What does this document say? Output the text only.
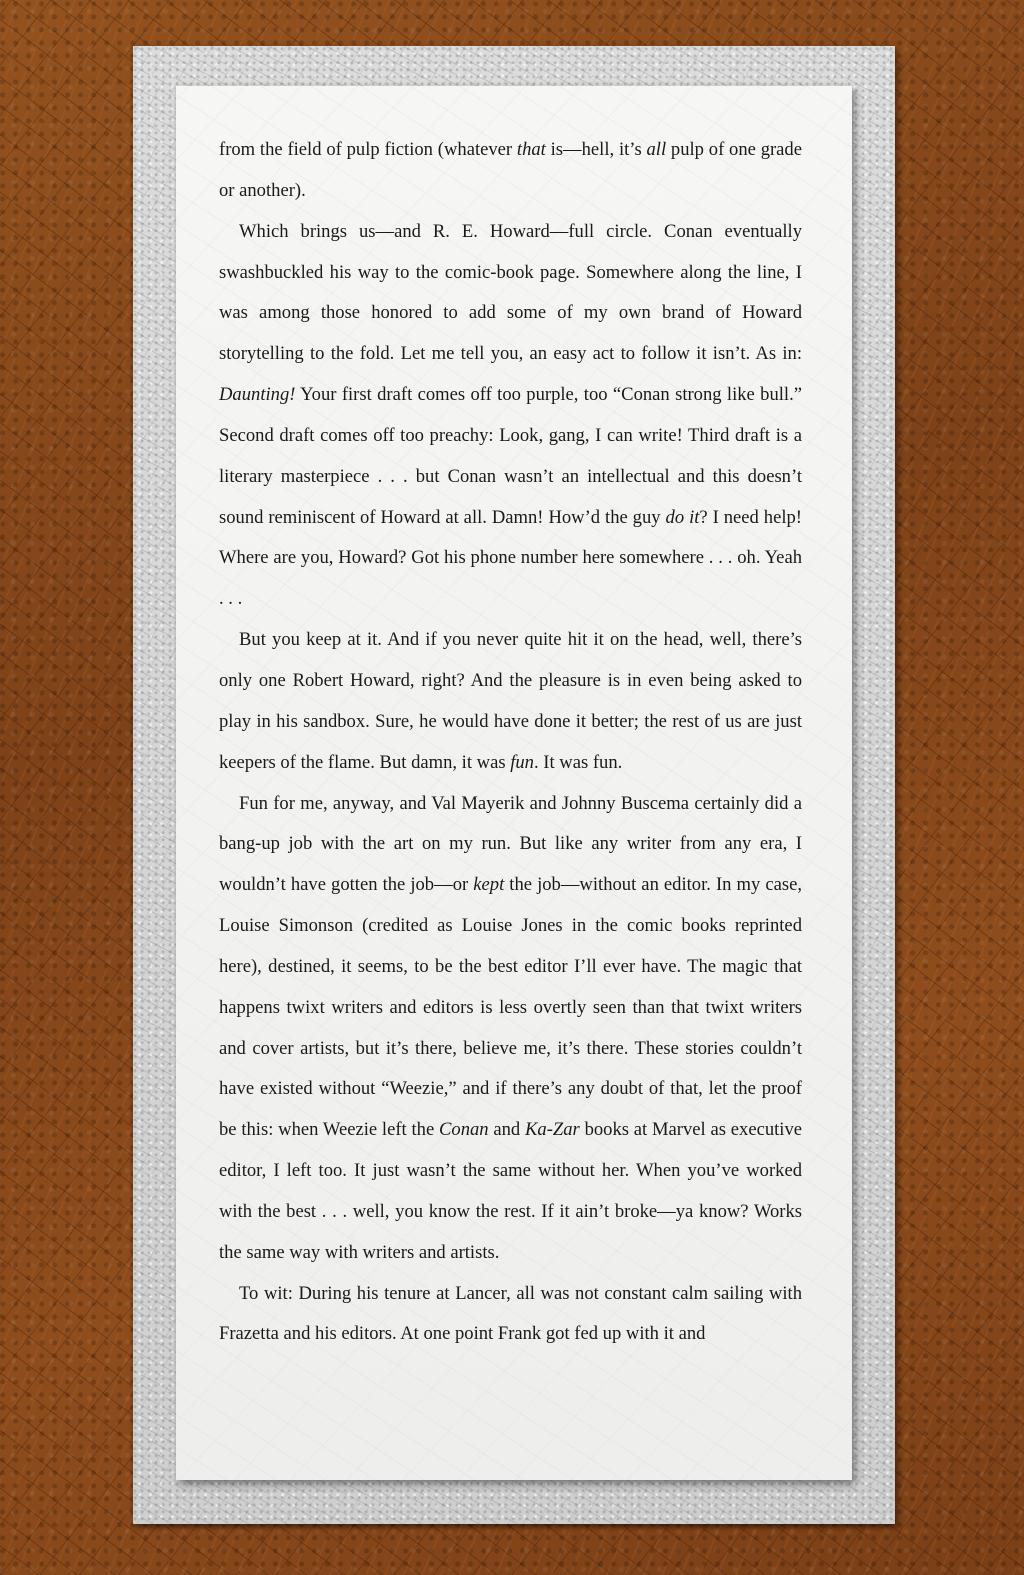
from the field of pulp fiction (whatever that is—hell, it’s all pulp of one grade or another).

Which brings us—and R. E. Howard—full circle. Conan eventually swashbuckled his way to the comic-book page. Somewhere along the line, I was among those honored to add some of my own brand of Howard storytelling to the fold. Let me tell you, an easy act to follow it isn’t. As in: Daunting! Your first draft comes off too purple, too “Conan strong like bull.” Second draft comes off too preachy: Look, gang, I can write! Third draft is a literary masterpiece . . . but Conan wasn’t an intellectual and this doesn’t sound reminiscent of Howard at all. Damn! How’d the guy do it? I need help! Where are you, Howard? Got his phone number here somewhere . . . oh. Yeah . . .

But you keep at it. And if you never quite hit it on the head, well, there’s only one Robert Howard, right? And the pleasure is in even being asked to play in his sandbox. Sure, he would have done it better; the rest of us are just keepers of the flame. But damn, it was fun. It was fun.

Fun for me, anyway, and Val Mayerik and Johnny Buscema certainly did a bang-up job with the art on my run. But like any writer from any era, I wouldn’t have gotten the job—or kept the job—without an editor. In my case, Louise Simonson (credited as Louise Jones in the comic books reprinted here), destined, it seems, to be the best editor I’ll ever have. The magic that happens twixt writers and editors is less overtly seen than that twixt writers and cover artists, but it’s there, believe me, it’s there. These stories couldn’t have existed without “Weezie,” and if there’s any doubt of that, let the proof be this: when Weezie left the Conan and Ka-Zar books at Marvel as executive editor, I left too. It just wasn’t the same without her. When you’ve worked with the best . . . well, you know the rest. If it ain’t broke—ya know? Works the same way with writers and artists.

To wit: During his tenure at Lancer, all was not constant calm sailing with Frazetta and his editors. At one point Frank got fed up with it and
